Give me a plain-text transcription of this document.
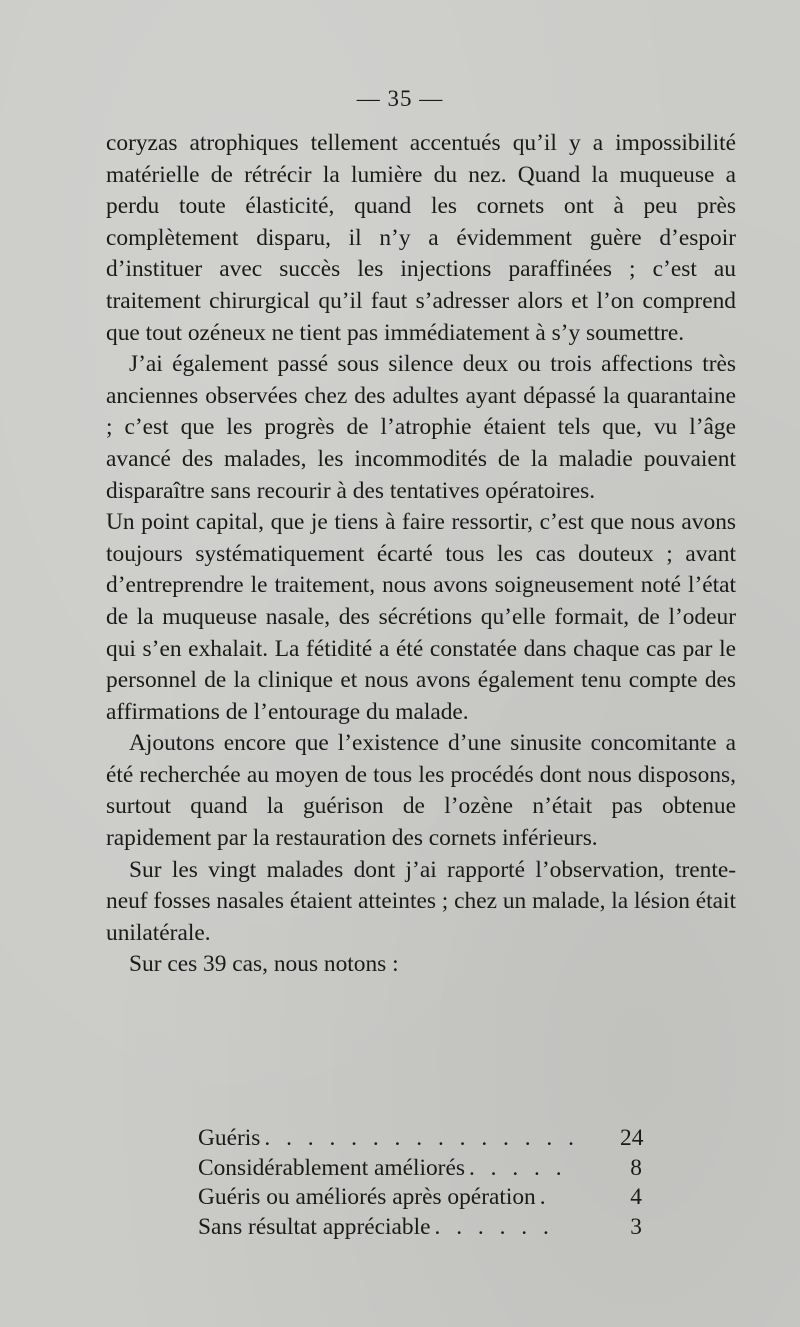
— 35 —

coryzas atrophiques tellement accentués qu’il y a impossibilité matérielle de rétrécir la lumière du nez. Quand la muqueuse a perdu toute élasticité, quand les cornets ont à peu près complètement disparu, il n’y a évidemment guère d’espoir d’instituer avec succès les injections paraffinées ; c’est au traitement chirurgical qu’il faut s’adresser alors et l’on comprend que tout ozéneux ne tient pas immédiatement à s’y soumettre.

J’ai également passé sous silence deux ou trois affections très anciennes observées chez des adultes ayant dépassé la quarantaine ; c’est que les progrès de l’atrophie étaient tels que, vu l’âge avancé des malades, les incommodités de la maladie pouvaient disparaître sans recourir à des tentatives opératoires.

Un point capital, que je tiens à faire ressortir, c’est que nous avons toujours systématiquement écarté tous les cas douteux ; avant d’entreprendre le traitement, nous avons soigneusement noté l’état de la muqueuse nasale, des sécrétions qu’elle formait, de l’odeur qui s’en exhalait. La fétidité a été constatée dans chaque cas par le personnel de la clinique et nous avons également tenu compte des affirmations de l’entourage du malade.

Ajoutons encore que l’existence d’une sinusite concomitante a été recherchée au moyen de tous les procédés dont nous disposons, surtout quand la guérison de l’ozène n’était pas obtenue rapidement par la restauration des cornets inférieurs.

Sur les vingt malades dont j’ai rapporté l’observation, trente-neuf fosses nasales étaient atteintes ; chez un malade, la lésion était unilatérale.

Sur ces 39 cas, nous notons :

Guéris . . . . . . . . . . . . . . .	24
Considérablement améliorés . . . . .	8
Guéris ou améliorés après opération .	4
Sans résultat appréciable . . . . . .	3
